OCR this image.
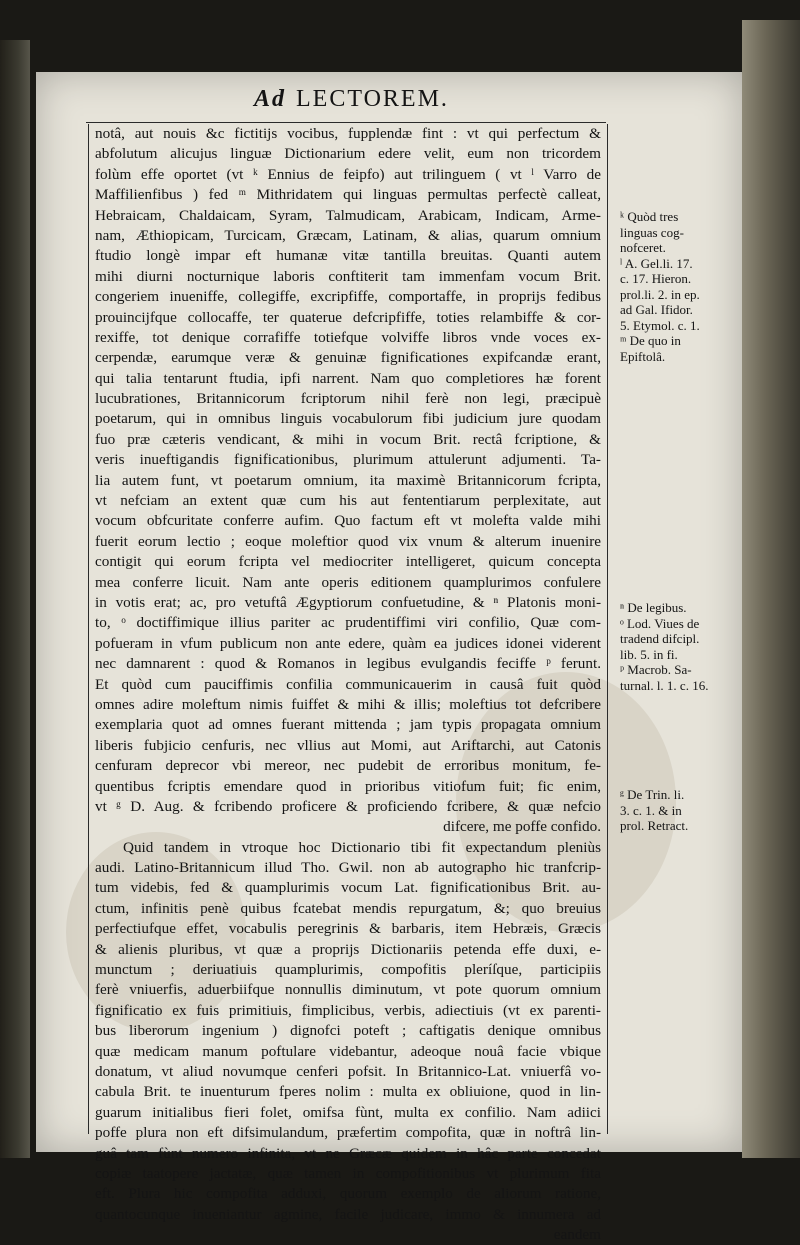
Ad LECTOREM.
notâ, aut nouis &c fictitijs vocibus, fupplendæ fint : vt qui perfectum &
abfolutum alicujus linguæ Dictionarium edere velit, eum non tricordem
folùm effe oportet (vt ᵏ Ennius de feipfo) aut trilinguem ( vt ˡ Varro de
Maffilienfibus ) fed ᵐ Mithridatem qui linguas permultas perfectè calleat,
Hebraicam, Chaldaicam, Syram, Talmudicam, Arabicam, Indicam, Arme-
nam, Æthiopicam, Turcicam, Græcam, Latinam, & alias, quarum omnium
ftudio longè impar eft humanæ vitæ tantilla breuitas. Quanti autem
mihi diurni nocturnique laboris conftiterit tam immenfam vocum Brit.
congeriem inueniffe, collegiffe, excripfiffe, comportaffe, in proprijs fedibus
prouincijfque collocaffe, ter quaterue defcripfiffe, toties relambiffe & cor-
rexiffe, tot denique corrafiffe totiefque volviffe libros vnde voces ex-
cerpendæ, earumque veræ & genuinæ fignificationes expifcandæ erant,
qui talia tentarunt ftudia, ipfi narrent. Nam quo completiores hæ forent
lucubrationes, Britannicorum fcriptorum nihil ferè non legi, præcipuè
poetarum, qui in omnibus linguis vocabulorum fibi judicium jure quodam
fuo præ cæteris vendicant, & mihi in vocum Brit. rectâ fcriptione, &
veris inueftigandis fignificationibus, plurimum attulerunt adjumenti. Ta-
lia autem funt, vt poetarum omnium, ita maximè Britannicorum fcripta,
vt nefciam an extent quæ cum his aut fententiarum perplexitate, aut
vocum obfcuritate conferre aufim. Quo factum eft vt molefta valde mihi
fuerit eorum lectio ; eoque moleftior quod vix vnum & alterum inuenire
contigit qui eorum fcripta vel mediocriter intelligeret, quicum concepta
mea conferre licuit. Nam ante operis editionem quamplurimos confulere
in votis erat; ac, pro vetuftâ Ægyptiorum confuetudine, & ⁿ Platonis moni-
to, ᵒ doctiffimique illius pariter ac prudentiffimi viri confilio, Quæ com-
pofueram in vfum publicum non ante edere, quàm ea judices idonei viderent
nec damnarent : quod & Romanos in legibus evulgandis feciffe ᵖ ferunt.
Et quòd cum pauciffimis confilia communicauerim in causâ fuit quòd
omnes adire moleftum nimis fuiffet & mihi & illis; moleftius tot defcribere
exemplaria quot ad omnes fuerant mittenda ; jam typis propagata omnium
liberis fubjicio cenfuris, nec vllius aut Momi, aut Ariftarchi, aut Catonis
cenfuram deprecor vbi mereor, nec pudebit de erroribus monitum, fe-
quentibus fcriptis emendare quod in prioribus vitiofum fuit; fic enim,
vt ᵍ D. Aug. & fcribendo proficere & proficiendo fcribere, & quæ nefcio
difcere, me poffe confido.
Quid tandem in vtroque hoc Dictionario tibi fit expectandum pleniùs
audi. Latino-Britannicum illud Tho. Gwil. non ab autographo hic tranfcrip-
tum videbis, fed & quamplurimis vocum Lat. fignificationibus Brit. au-
ctum, infinitis penè quibus fcatebat mendis repurgatum, &; quo breuius
perfectiufque effet, vocabulis peregrinis & barbaris, item Hebræis, Græcis
& alienis pluribus, vt quæ a proprijs Dictionariis petenda effe duxi, e-
munctum ; deriuatiuis quamplurimis, compofitis pleríſque, participiis
ferè vniuerfis, aduerbiifque nonnullis diminutum, vt pote quorum omnium
fignificatio ex fuis primitiuis, fimplicibus, verbis, adiectiuis (vt ex parenti-
bus liberorum ingenium ) dignofci poteft ; caftigatis denique omnibus
quæ medicam manum poftulare videbantur, adeoque nouâ facie vbique
donatum, vt aliud novumque cenferi pofsit. In Britannico-Lat. vniuerfâ vo-
cabula Brit. te inuenturum fperes nolim : multa ex obliuione, quod in lin-
guarum initialibus fieri folet, omifsa fùnt, multa ex confilio. Nam adiici
poffe plura non eft difsimulandum, præfertim compofita, quæ in noftrâ lin-
guâ tam fùnt numero infinita, vt ne Græcæ quidem in hâc parte concedat
copiæ taatopere jactatæ, quæ tamen in compofitionibus vt plurimum fita
eft. Plura hic compofita adduxi, quorum exemplo de aliorum ratione,
quantocunque inueniantur agmine, facile judicare, immo & innumera ad
eandem
ᵏ Quòd tres
linguas cog-
nofceret.
ˡ A. Gel.li. 17.
c. 17. Hieron.
prol.li. 2. in ep.
ad Gal. Ifidor.
5. Etymol. c. 1.
ᵐ De quo in
Epiftolâ.
ⁿ De legibus.
ᵒ Lod. Viues de
tradend difcipl.
lib. 5. in fi.
ᵖ Macrob. Sa-
turnal. l. 1. c. 16.
ᵍ De Trin. li.
3. c. 1. & in
prol. Retract.
